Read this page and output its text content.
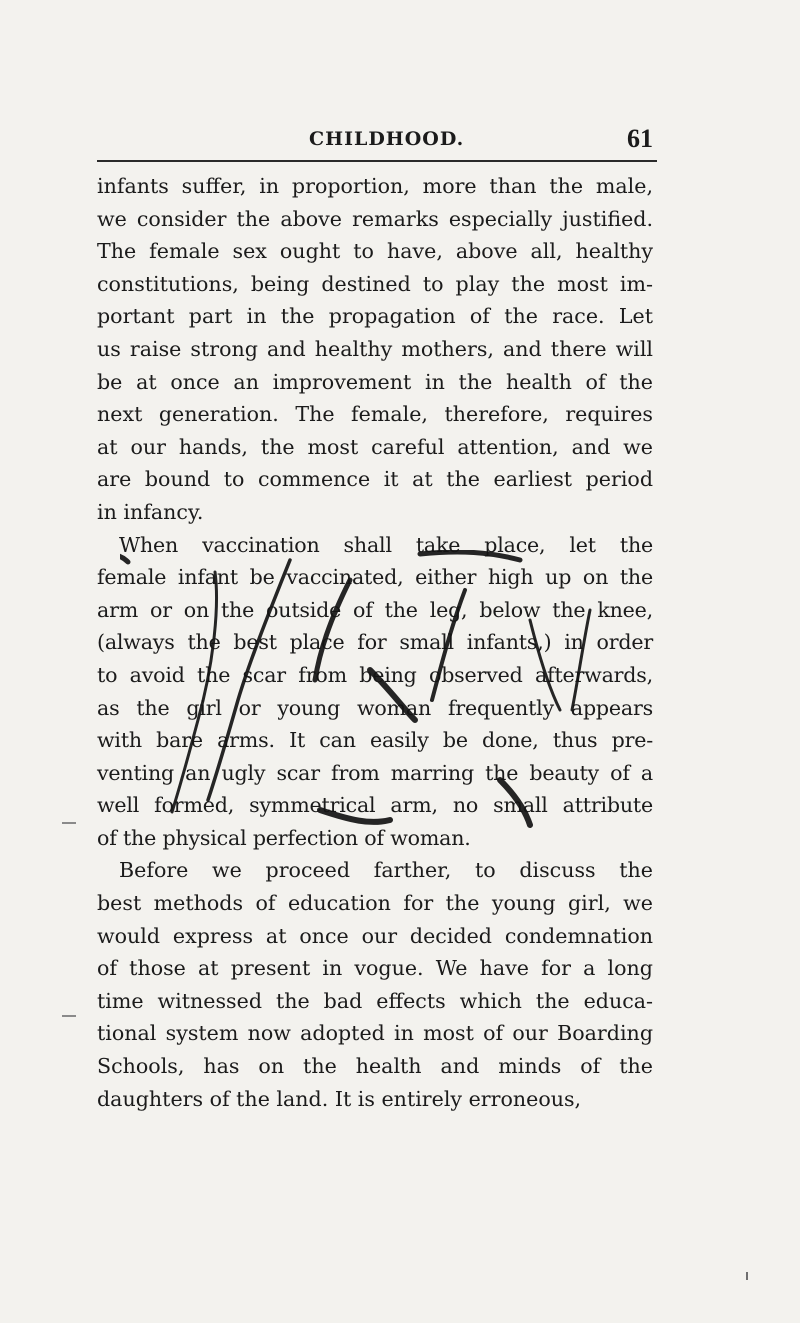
CHILDHOOD.	61
infants suffer, in proportion, more than the male,
we consider the above remarks especially justified.
The female sex ought to have, above all, healthy
constitutions, being destined to play the most im-
portant part in the propagation of the race. Let
us raise strong and healthy mothers, and there will
be at once an improvement in the health of the
next generation. The female, therefore, requires
at our hands, the most careful attention, and we
are bound to commence it at the earliest period
in infancy.
When vaccination shall take place, let the
female infant be vaccinated, either high up on the
arm or on the outside of the leg, below the knee,
(always the best place for small infants,) in order
to avoid the scar from being observed afterwards,
as the girl or young woman frequently appears
with bare arms. It can easily be done, thus pre-
venting an ugly scar from marring the beauty of a
well formed, symmetrical arm, no small attribute
of the physical perfection of woman.
Before we proceed farther, to discuss the
best methods of education for the young girl, we
would express at once our decided condemnation
of those at present in vogue. We have for a long
time witnessed the bad effects which the educa-
tional system now adopted in most of our Boarding
Schools, has on the health and minds of the
daughters of the land. It is entirely erroneous,
